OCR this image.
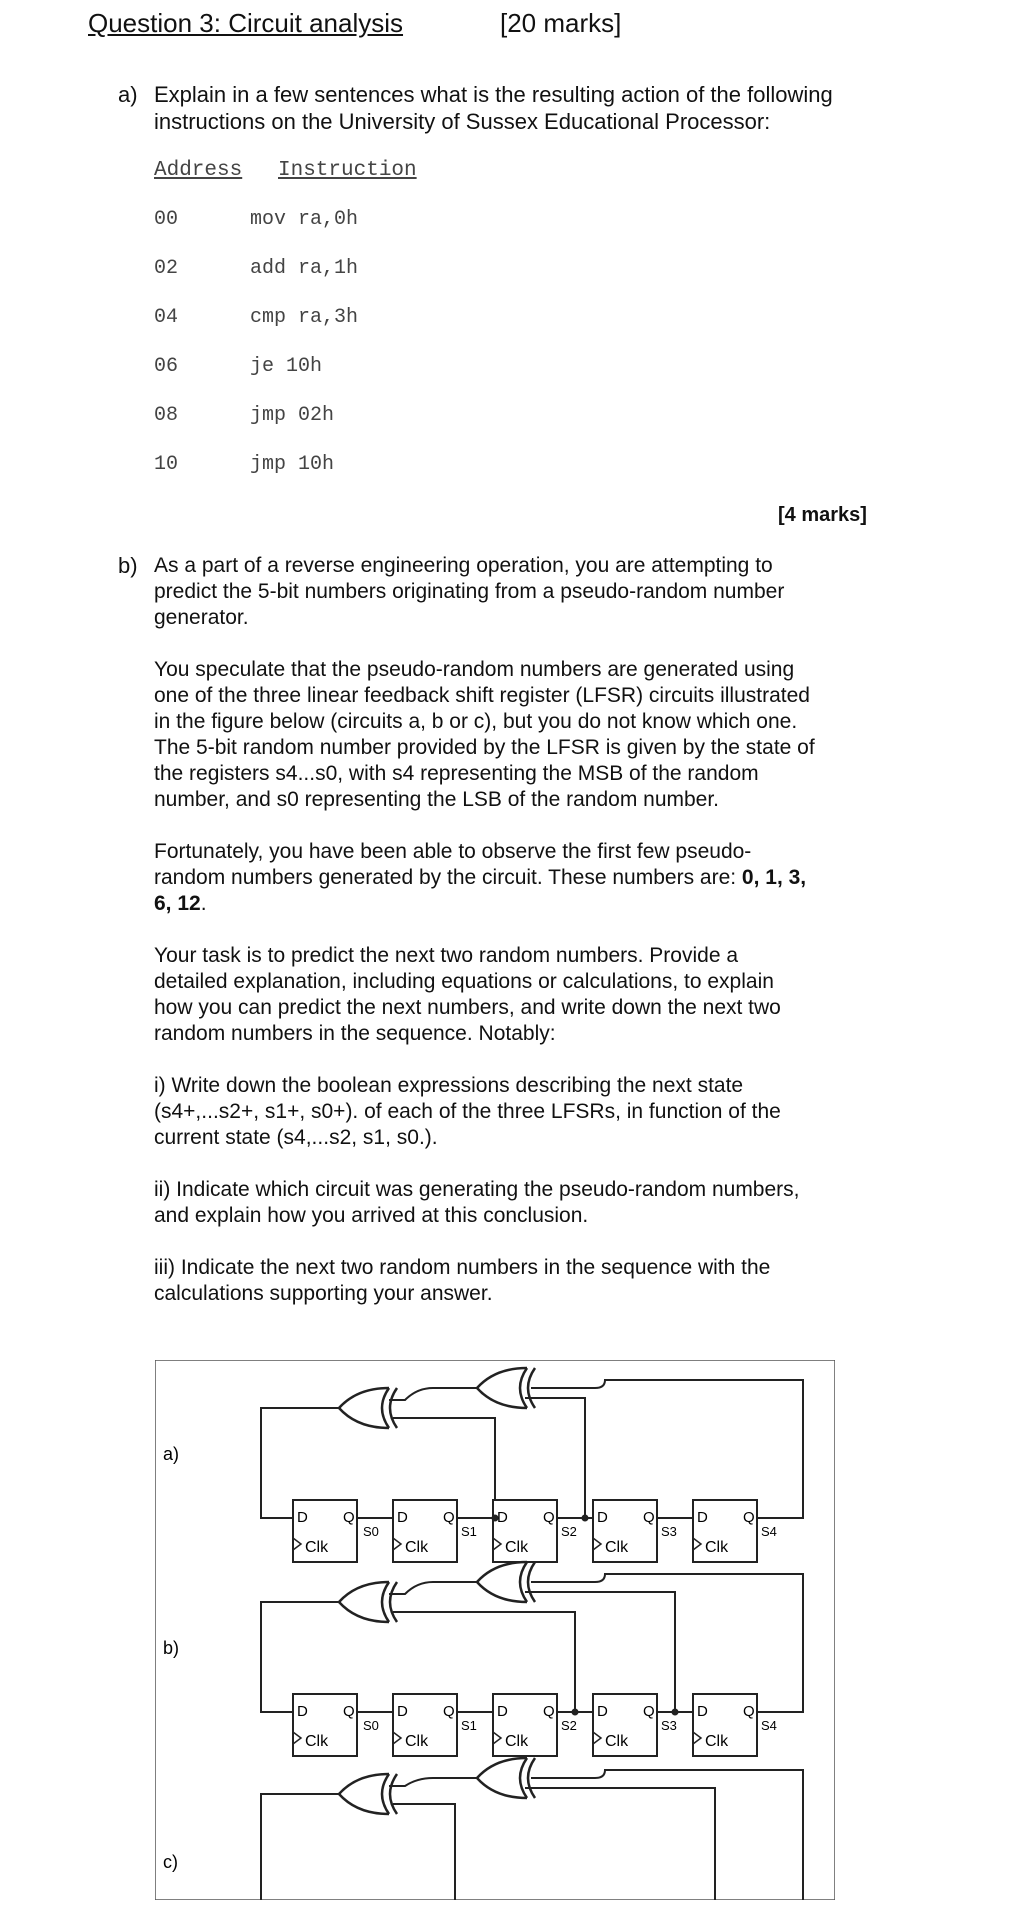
Question 3: Circuit analysis	[20 marks]
a) Explain in a few sentences what is the resulting action of the following
instructions on the University of Sussex Educational Processor:
Address Instruction
00	mov ra,0h
02	add ra,1h
04	cmp ra,3h
06	je 10h
08	jmp 02h
10	jmp 10h
[4 marks]
b) As a part of a reverse engineering operation, you are attempting to
predict the 5-bit numbers originating from a pseudo-random number
generator.
You speculate that the pseudo-random numbers are generated using
one of the three linear feedback shift register (LFSR) circuits illustrated
in the figure below (circuits a, b or c), but you do not know which one.
The 5-bit random number provided by the LFSR is given by the state of
the registers s4...s0, with s4 representing the MSB of the random
number, and s0 representing the LSB of the random number.
Fortunately, you have been able to observe the first few pseudo-
random numbers generated by the circuit. These numbers are: 0, 1, 3,
6, 12.
Your task is to predict the next two random numbers. Provide a
detailed explanation, including equations or calculations, to explain
how you can predict the next numbers, and write down the next two
random numbers in the sequence. Notably:
i) Write down the boolean expressions describing the next state
(s4+,...s2+, s1+, s0+). of each of the three LFSRs, in function of the
current state (s4,...s2, s1, s0.).
ii) Indicate which circuit was generating the pseudo-random numbers,
and explain how you arrived at this conclusion.
iii) Indicate the next two random numbers in the sequence with the
calculations supporting your answer.
a)
D Q
Clk
D Q
Clk
D Q
Clk
D Q
Clk
D Q
Clk
S0	S1	S2	S3	S4
b)
D Q
Clk
D Q
Clk
D Q
Clk
D Q
Clk
D Q
Clk
S0	S1	S2	S3	S4
c)
